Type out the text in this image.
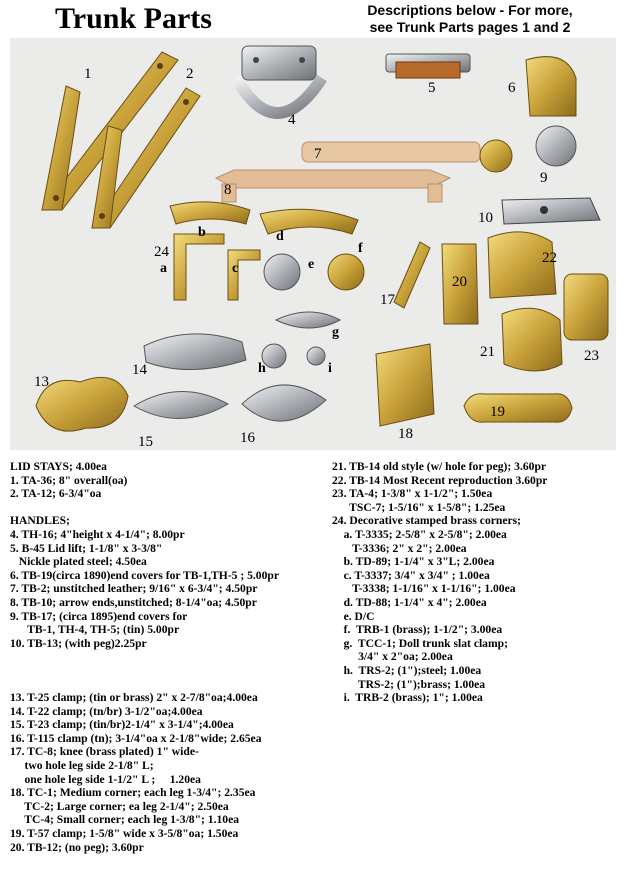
Trunk Parts	Descriptions below - For more,
see Trunk Parts pages 1 and 2
1	2
4
5	6
7
8
9
10
13
14
15	16
17
18
19
20
21
22
23
24
a
b
c
d
e
f
g
h	i
LID STAYS; 4.00ea
1. TA-36; 8" overall(oa)
2. TA-12; 6-3/4"oa
HANDLES;
4. TH-16; 4"height x 4-1/4"; 8.00pr
5. B-45 Lid lift; 1-1/8" x 3-3/8"
Nickle plated steel; 4.50ea
6. TB-19(circa 1890)end covers for TB-1,TH-5 ; 5.00pr
7. TB-2; unstitched leather; 9/16" x 6-3/4"; 4.50pr
8. TB-10; arrow ends,unstitched; 8-1/4"oa; 4.50pr
9. TB-17; (circa 1895)end covers for
TB-1, TH-4, TH-5; (tin) 5.00pr
10. TB-13; (with peg)2.25pr
13. T-25 clamp; (tin or brass) 2" x 2-7/8"oa;4.00ea
14. T-22 clamp; (tn/br) 3-1/2"oa;4.00ea
15. T-23 clamp; (tin/br)2-1/4" x 3-1/4";4.00ea
16. T-115 clamp (tn); 3-1/4"oa x 2-1/8"wide; 2.65ea
17. TC-8; knee (brass plated) 1" wide-
two hole leg side 2-1/8" L;
one hole leg side 1-1/2" L ;     1.20ea
18. TC-1; Medium corner; each leg 1-3/4"; 2.35ea
TC-2; Large corner; ea leg 2-1/4"; 2.50ea
TC-4; Small corner; each leg 1-3/8"; 1.10ea
19. T-57 clamp; 1-5/8" wide x 3-5/8"oa; 1.50ea
20. TB-12; (no peg); 3.60pr
21. TB-14 old style (w/ hole for peg); 3.60pr
22. TB-14 Most Recent reproduction 3.60pr
23. TA-4; 1-3/8" x 1-1/2"; 1.50ea
TSC-7; 1-5/16" x 1-5/8"; 1.25ea
24. Decorative stamped brass corners;
a. T-3335; 2-5/8" x 2-5/8"; 2.00ea
T-3336; 2" x 2"; 2.00ea
b. TD-89; 1-1/4" x 3"L; 2.00ea
c. T-3337; 3/4" x 3/4" ; 1.00ea
T-3338; 1-1/16" x 1-1/16"; 1.00ea
d. TD-88; 1-1/4" x 4"; 2.00ea
e. D/C
f.  TRB-1 (brass); 1-1/2"; 3.00ea
g.  TCC-1; Doll trunk slat clamp;
3/4" x 2"oa; 2.00ea
h.  TRS-2; (1");steel; 1.00ea
TRS-2; (1");brass; 1.00ea
i.  TRB-2 (brass); 1"; 1.00ea
